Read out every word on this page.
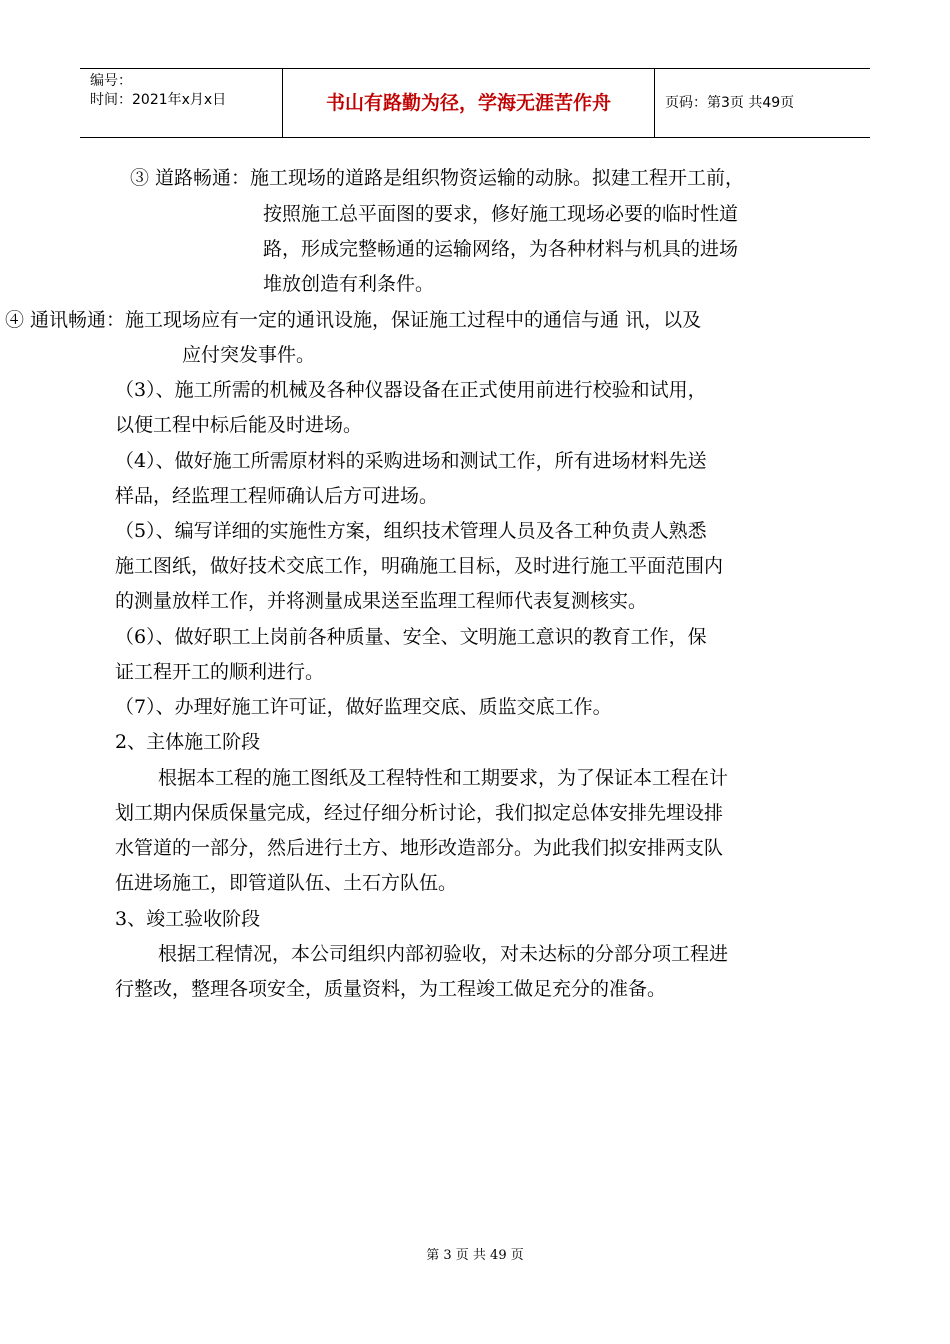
编号：
时间：2021年x月x日	书山有路勤为径，学海无涯苦作舟	页码：第3页 共49页
③ 道路畅通：施工现场的道路是组织物资运输的动脉。拟建工程开工前，
按照施工总平面图的要求，修好施工现场必要的临时性道
路，形成完整畅通的运输网络，为各种材料与机具的进场
堆放创造有利条件。
④ 通讯畅通：施工现场应有一定的通讯设施，保证施工过程中的通信与通 讯，以及
应付突发事件。
（3）、施工所需的机械及各种仪器设备在正式使用前进行校验和试用，
以便工程中标后能及时进场。
（4）、做好施工所需原材料的采购进场和测试工作，所有进场材料先送
样品，经监理工程师确认后方可进场。
（5）、编写详细的实施性方案，组织技术管理人员及各工种负责人熟悉
施工图纸，做好技术交底工作，明确施工目标，及时进行施工平面范围内
的测量放样工作，并将测量成果送至监理工程师代表复测核实。
（6）、做好职工上岗前各种质量、安全、文明施工意识的教育工作，保
证工程开工的顺利进行。
（7）、办理好施工许可证，做好监理交底、质监交底工作。
2、主体施工阶段
根据本工程的施工图纸及工程特性和工期要求，为了保证本工程在计
划工期内保质保量完成，经过仔细分析讨论，我们拟定总体安排先埋设排
水管道的一部分，然后进行土方、地形改造部分。为此我们拟安排两支队
伍进场施工，即管道队伍、土石方队伍。
3、竣工验收阶段
根据工程情况，本公司组织内部初验收，对未达标的分部分项工程进
行整改，整理各项安全，质量资料，为工程竣工做足充分的准备。
第 3 页 共 49 页
